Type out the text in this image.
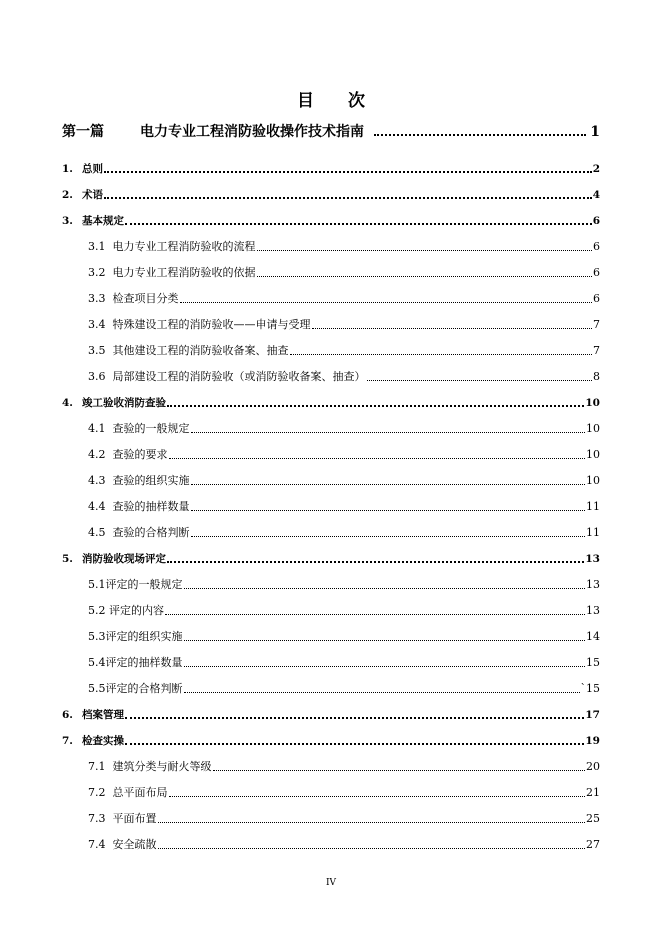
目 次
第一篇	电力专业工程消防验收操作技术指南	1
1. 总则	2
2. 术语	4
3. 基本规定	6
3.1 电力专业工程消防验收的流程	6
3.2 电力专业工程消防验收的依据	6
3.3 检查项目分类	6
3.4 特殊建设工程的消防验收——申请与受理	7
3.5 其他建设工程的消防验收备案、抽查	7
3.6 局部建设工程的消防验收（或消防验收备案、抽查）	8
4. 竣工验收消防查验	10
4.1 查验的一般规定	10
4.2 查验的要求	10
4.3 查验的组织实施	10
4.4 查验的抽样数量	11
4.5 查验的合格判断	11
5. 消防验收现场评定	13
5.1评定的一般规定	13
5.2 评定的内容	13
5.3评定的组织实施	14
5.4评定的抽样数量	15
5.5评定的合格判断	`15
6. 档案管理	17
7. 检查实操	19
7.1 建筑分类与耐火等级	20
7.2 总平面布局	21
7.3 平面布置	25
7.4 安全疏散	27
IV
